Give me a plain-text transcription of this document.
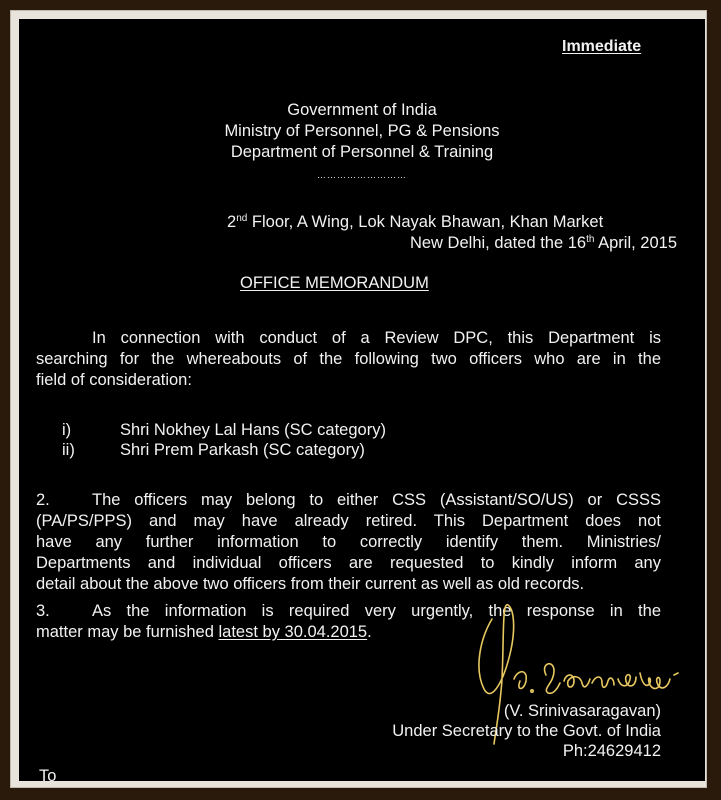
Immediate
Government of India
Ministry of Personnel, PG & Pensions
Department of Personnel & Training
………………………
2nd Floor, A Wing, Lok Nayak Bhawan, Khan Market
New Delhi, dated the 16th April, 2015
OFFICE MEMORANDUM
In connection with conduct of a Review DPC, this Department is
searching for the whereabouts of the following two officers who are in the
field of consideration:
i)	Shri Nokhey Lal Hans (SC category)
ii)	Shri Prem Parkash (SC category)
2.	The officers may belong to either CSS (Assistant/SO/US) or CSSS
(PA/PS/PPS) and may have already retired. This Department does not
have any further information to correctly identify them. Ministries/
Departments and individual officers are requested to kindly inform any
detail about the above two officers from their current as well as old records.
3.	As the information is required very urgently, the response in the
matter may be furnished latest by 30.04.2015.
(V. Srinivasaragavan)
Under Secretary to the Govt. of India
Ph:24629412
To
